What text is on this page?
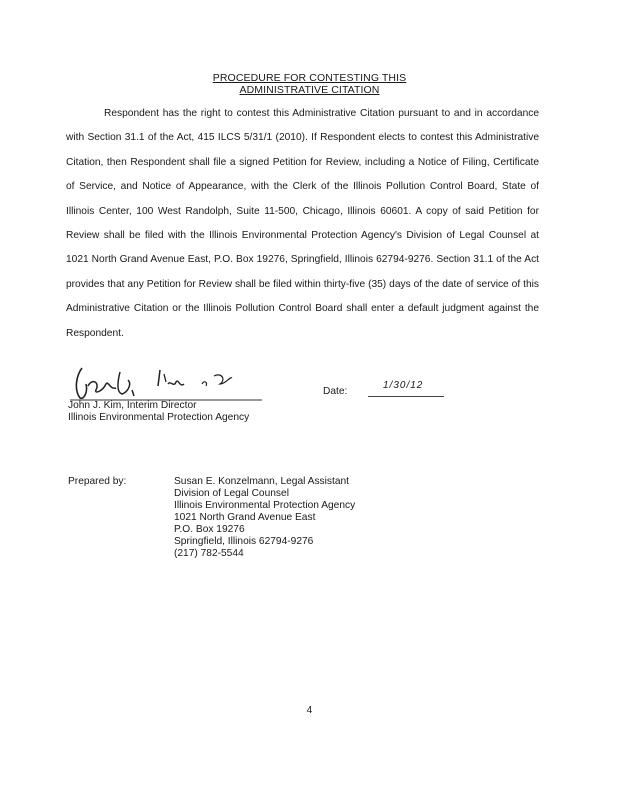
PROCEDURE FOR CONTESTING THIS
ADMINISTRATIVE CITATION

Respondent has the right to contest this Administrative Citation pursuant to and in accordance with Section 31.1 of the Act, 415 ILCS 5/31/1 (2010). If Respondent elects to contest this Administrative Citation, then Respondent shall file a signed Petition for Review, including a Notice of Filing, Certificate of Service, and Notice of Appearance, with the Clerk of the Illinois Pollution Control Board, State of Illinois Center, 100 West Randolph, Suite 11-500, Chicago, Illinois 60601. A copy of said Petition for Review shall be filed with the Illinois Environmental Protection Agency's Division of Legal Counsel at 1021 North Grand Avenue East, P.O. Box 19276, Springfield, Illinois 62794-9276. Section 31.1 of the Act provides that any Petition for Review shall be filed within thirty-five (35) days of the date of service of this Administrative Citation or the Illinois Pollution Control Board shall enter a default judgment against the Respondent.

John J. Kim, Interim Director
Illinois Environmental Protection Agency
Date:
1/30/12
Prepared by:	Susan E. Konzelmann, Legal Assistant
Division of Legal Counsel
Illinois Environmental Protection Agency
1021 North Grand Avenue East
P.O. Box 19276
Springfield, Illinois 62794-9276
(217) 782-5544
4
